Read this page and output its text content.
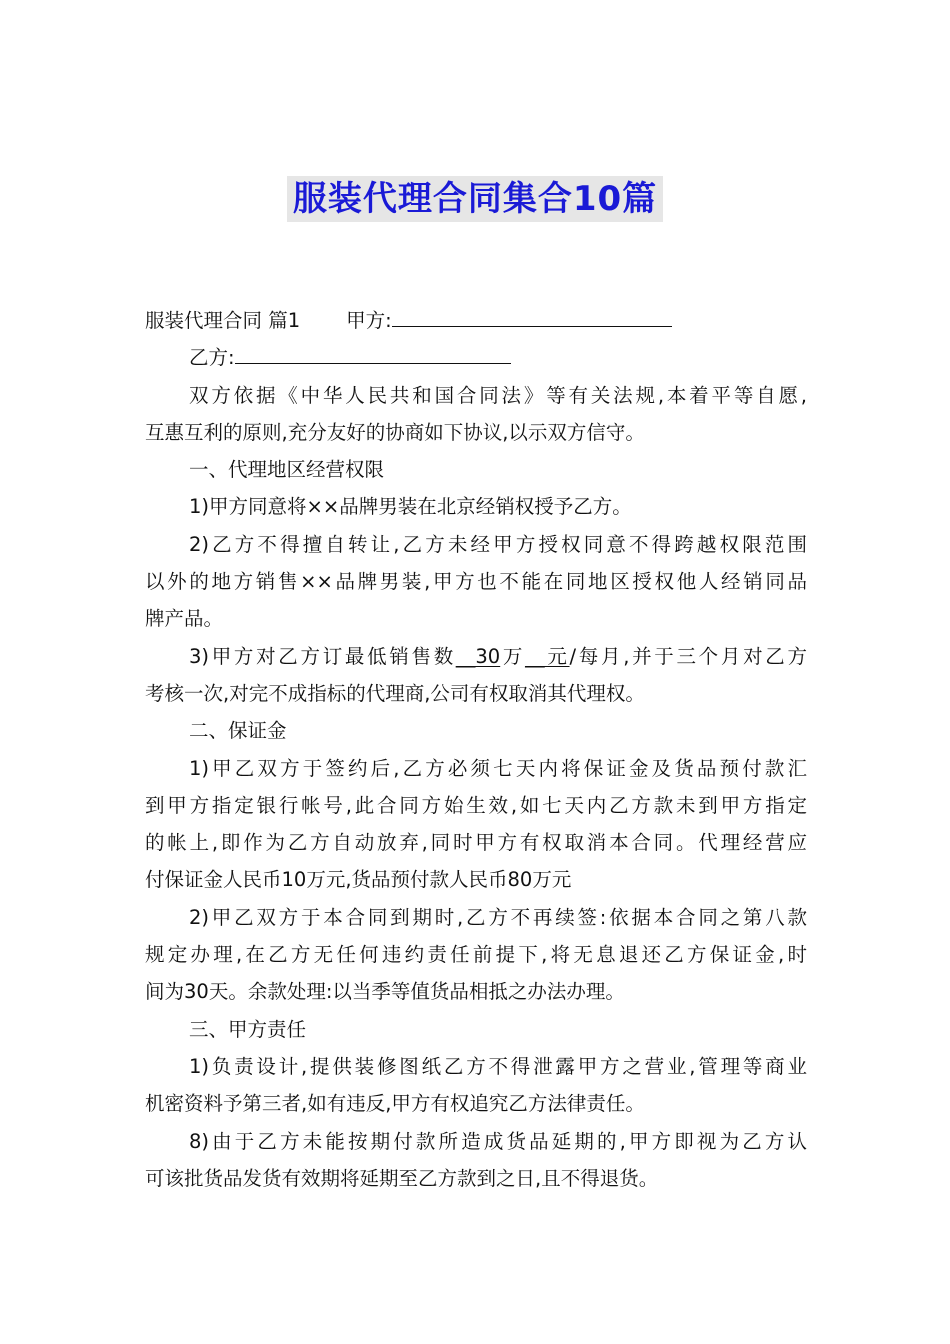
服装代理合同集合10篇
服装代理合同 篇1 甲方:
乙方:
双方依据《中华人民共和国合同法》等有关法规,本着平等自愿,
互惠互利的原则,充分友好的协商如下协议,以示双方信守。
一、代理地区经营权限
1)甲方同意将××品牌男装在北京经销权授予乙方。
2)乙方不得擅自转让,乙方未经甲方授权同意不得跨越权限范围
以外的地方销售××品牌男装,甲方也不能在同地区授权他人经销同品
牌产品。
3)甲方对乙方订最低销售数__30万__元/每月,并于三个月对乙方
考核一次,对完不成指标的代理商,公司有权取消其代理权。
二、保证金
1)甲乙双方于签约后,乙方必须七天内将保证金及货品预付款汇
到甲方指定银行帐号,此合同方始生效,如七天内乙方款未到甲方指定
的帐上,即作为乙方自动放弃,同时甲方有权取消本合同。代理经营应
付保证金人民币10万元,货品预付款人民币80万元
2)甲乙双方于本合同到期时,乙方不再续签:依据本合同之第八款
规定办理,在乙方无任何违约责任前提下,将无息退还乙方保证金,时
间为30天。余款处理:以当季等值货品相抵之办法办理。
三、甲方责任
1)负责设计,提供装修图纸乙方不得泄露甲方之营业,管理等商业
机密资料予第三者,如有违反,甲方有权追究乙方法律责任。
8)由于乙方未能按期付款所造成货品延期的,甲方即视为乙方认
可该批货品发货有效期将延期至乙方款到之日,且不得退货。
